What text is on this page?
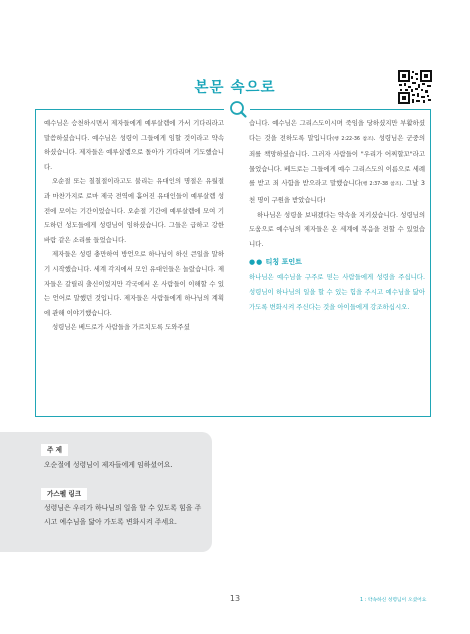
본문 속으로

예수님은 승천하시면서 제자들에게 예루살렘에 가서 기다리라고 말씀하셨습니다. 예수님은 성령이 그들에게 임할 것이라고 약속하셨습니다. 제자들은 예루살렘으로 돌아가 기다리며 기도했습니다.

오순절 또는 칠칠절이라고도 불리는 유대인의 명절은 유월절과 마찬가지로 로마 제국 전역에 흩어진 유대인들이 예루살렘 성전에 모이는 기간이었습니다. 오순절 기간에 예루살렘에 모여 기도하던 성도들에게 성령님이 임하셨습니다. 그들은 급하고 강한 바람 같은 소리를 들었습니다.

제자들은 성령 충만하여 방언으로 하나님이 하신 큰일을 말하기 시작했습니다. 세계 각지에서 모인 유대인들은 놀랐습니다. 제자들은 갈릴리 출신이었지만 각국에서 온 사람들이 이해할 수 있는 언어로 말했던 것입니다. 제자들은 사람들에게 하나님의 계획에 관해 이야기했습니다.

성령님은 베드로가 사람들을 가르치도록 도와주셨

습니다. 예수님은 그리스도이시며 죽임을 당하셨지만 부활하셨다는 것을 전하도록 말입니다(행 2:22-36 참조). 성령님은 군중의 죄를 책망하셨습니다. 그러자 사람들이 "우리가 어찌할꼬"라고 물었습니다. 베드로는 그들에게 예수 그리스도의 이름으로 세례를 받고 죄 사함을 받으라고 말했습니다(행 2:37-38 참조). 그날 3천 명이 구원을 받았습니다!

하나님은 성령을 보내겠다는 약속을 지키셨습니다. 성령님의 도움으로 예수님의 제자들은 온 세계에 복음을 전할 수 있었습니다.

●● 티칭 포인트

하나님은 예수님을 구주로 믿는 사람들에게 성령을 주십니다. 성령님이 하나님의 일을 할 수 있는 힘을 주시고 예수님을 닮아가도록 변화시켜 주신다는 것을 아이들에게 강조하십시오.

주 제
오순절에 성령님이 제자들에게 임하셨어요.
가스펠 링크
성령님은 우리가 하나님의 일을 할 수 있도록 힘을 주시고 예수님을 닮아 가도록 변화시켜 주세요.
13	1 : 약속하신 성령님이 오셨어요
